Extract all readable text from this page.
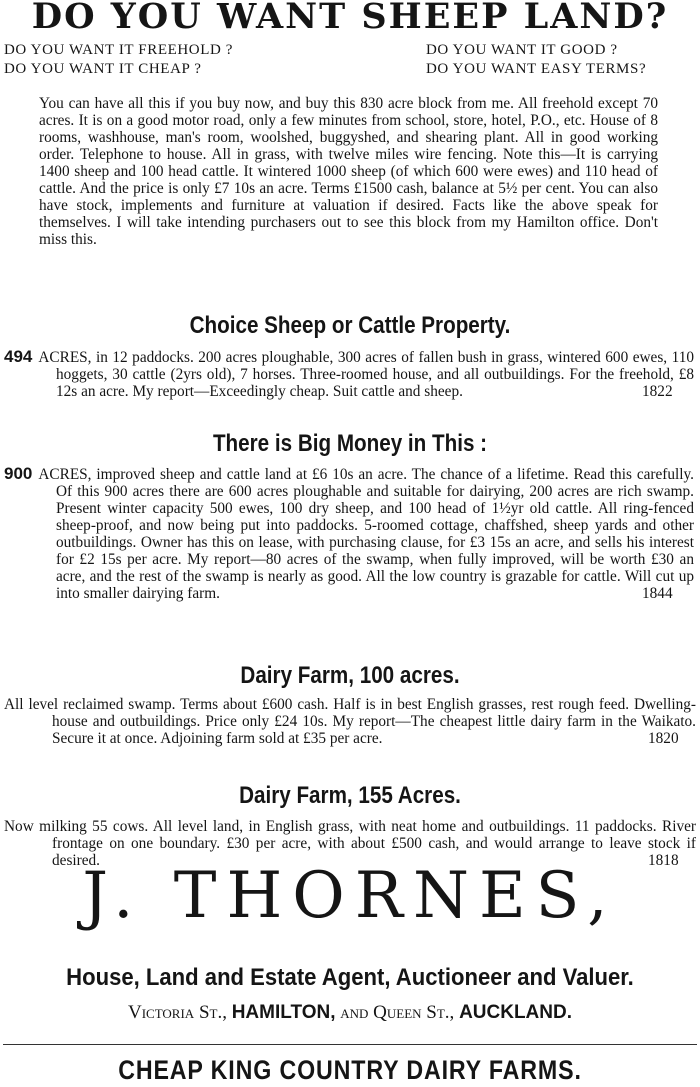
DO YOU WANT SHEEP LAND?
DO YOU WANT IT FREEHOLD ?	DO YOU WANT IT GOOD ?
DO YOU WANT IT CHEAP ?	DO YOU WANT EASY TERMS?
You can have all this if you buy now, and buy this 830 acre block from me. All freehold except 70 acres. It is on a good motor road, only a few minutes from school, store, hotel, P.O., etc. House of 8 rooms, washhouse, man's room, woolshed, buggyshed, and shearing plant. All in good working order. Telephone to house. All in grass, with twelve miles wire fencing. Note this—It is carrying 1400 sheep and 100 head cattle. It wintered 1000 sheep (of which 600 were ewes) and 110 head of cattle. And the price is only £7 10s an acre. Terms £1500 cash, balance at 5½ per cent. You can also have stock, implements and furniture at valuation if desired. Facts like the above speak for themselves. I will take intending purchasers out to see this block from my Hamilton office. Don't miss this.
Choice Sheep or Cattle Property.
494 ACRES, in 12 paddocks. 200 acres ploughable, 300 acres of fallen bush in grass, wintered 600 ewes, 110 hoggets, 30 cattle (2yrs old), 7 horses. Three-roomed house, and all outbuildings. For the freehold, £8 12s an acre. My report—Exceedingly cheap. Suit cattle and sheep.	1822
There is Big Money in This :
900 ACRES, improved sheep and cattle land at £6 10s an acre. The chance of a lifetime. Read this carefully. Of this 900 acres there are 600 acres ploughable and suitable for dairying, 200 acres are rich swamp. Present winter capacity 500 ewes, 100 dry sheep, and 100 head of 1½yr old cattle. All ring-fenced sheep-proof, and now being put into paddocks. 5-roomed cottage, chaffshed, sheep yards and other outbuildings. Owner has this on lease, with purchasing clause, for £3 15s an acre, and sells his interest for £2 15s per acre. My report—80 acres of the swamp, when fully improved, will be worth £30 an acre, and the rest of the swamp is nearly as good. All the low country is grazable for cattle. Will cut up into smaller dairying farm.	1844
Dairy Farm, 100 acres.
All level reclaimed swamp. Terms about £600 cash. Half is in best English grasses, rest rough feed. Dwelling-house and outbuildings. Price only £24 10s. My report—The cheapest little dairy farm in the Waikato. Secure it at once. Adjoining farm sold at £35 per acre.	1820
Dairy Farm, 155 Acres.
Now milking 55 cows. All level land, in English grass, with neat home and outbuildings. 11 paddocks. River frontage on one boundary. £30 per acre, with about £500 cash, and would arrange to leave stock if desired.	1818
J. THORNES,
House, Land and Estate Agent, Auctioneer and Valuer.
Victoria St., HAMILTON, and Queen St., AUCKLAND.
CHEAP KING COUNTRY DAIRY FARMS.
